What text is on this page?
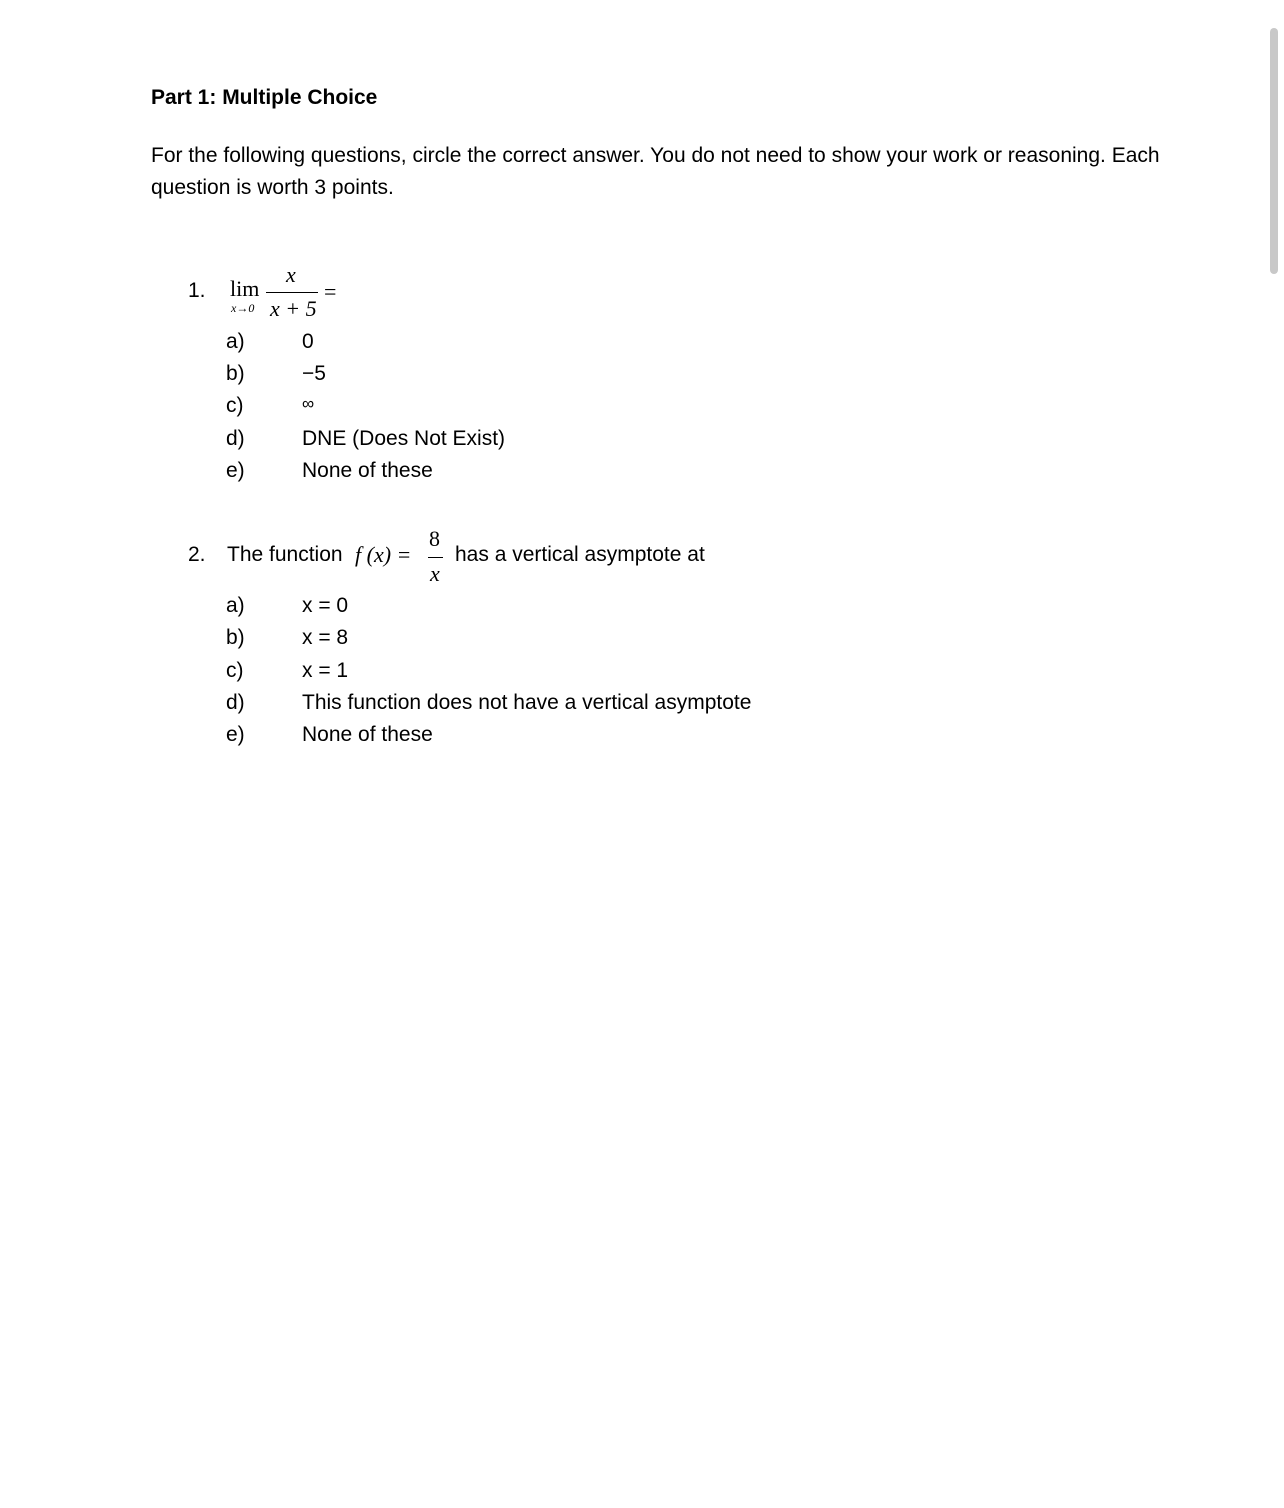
Part 1: Multiple Choice
For the following questions, circle the correct answer. You do not need to show your work or reasoning. Each question is worth 3 points.
1. lim
x→0
x
x + 5
=
a)	0
b)	−5
c)	∞
d)	DNE (Does Not Exist)
e)	None of these
2. The function f (x) =
8
x
has a vertical asymptote at
a)	x = 0
b)	x = 8
c)	x = 1
d)	This function does not have a vertical asymptote
e)	None of these
